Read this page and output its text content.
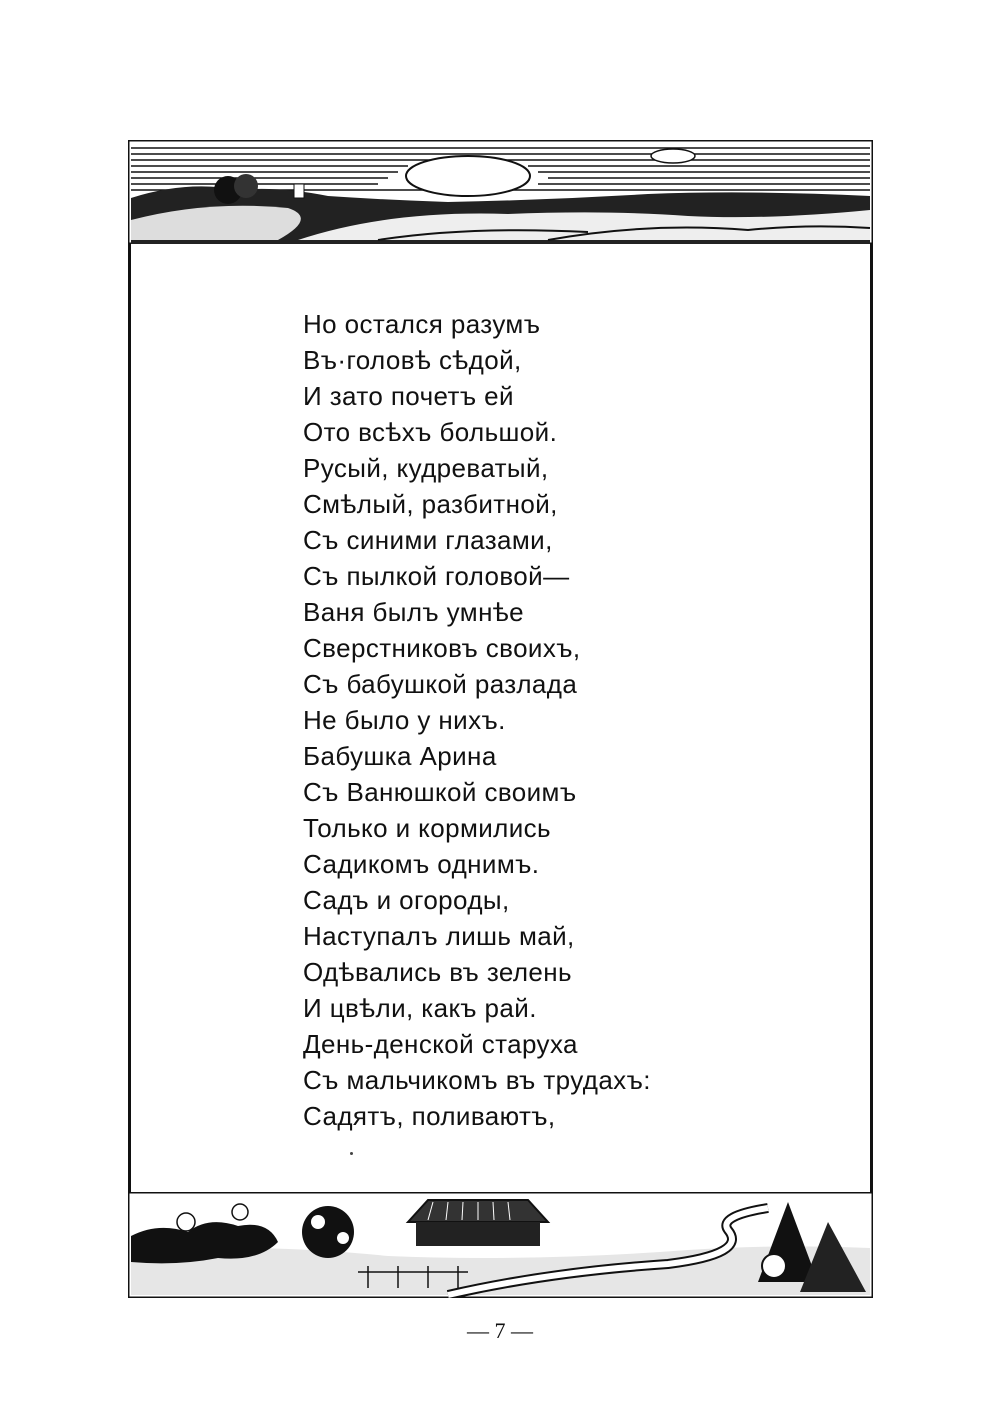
Но остался разумъ
Въ·головѣ сѣдой,
И зато почетъ ей
Ото всѣхъ большой.
Русый, кудреватый,
Смѣлый, разбитной,
Съ синими глазами,
Съ пылкой головой—
Ваня былъ умнѣе
Сверстниковъ своихъ,
Съ бабушкой разлада
Не было у нихъ.
Бабушка Арина
Съ Ванюшкой своимъ
Только и кормились
Садикомъ однимъ.
Садъ и огороды,
Наступалъ лишь май,
Одѣвались въ зелень
И цвѣли, какъ рай.
День-денской старуха
Съ мальчикомъ въ трудахъ:
Садятъ, поливаютъ,
— 7 —
